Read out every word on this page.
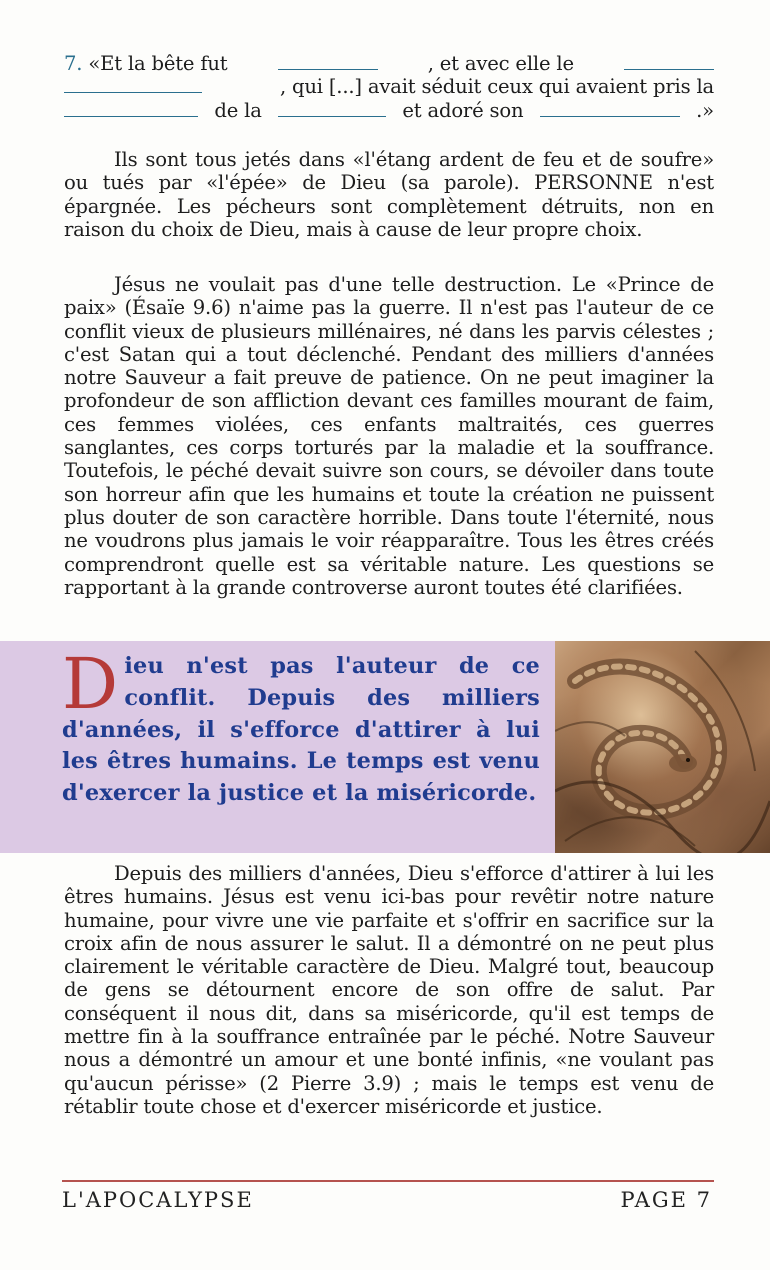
7. «Et la bête fut	, et avec elle le
, qui [...] avait séduit ceux qui avaient pris la
de la	et adoré son	.»

Ils sont tous jetés dans «l'étang ardent de feu et de soufre» ou tués par «l'épée» de Dieu (sa parole). PERSONNE n'est épargnée. Les pécheurs sont complètement détruits, non en raison du choix de Dieu, mais à cause de leur propre choix.

Jésus ne voulait pas d'une telle destruction. Le «Prince de paix» (Ésaïe 9.6) n'aime pas la guerre. Il n'est pas l'auteur de ce conflit vieux de plusieurs millénaires, né dans les parvis célestes ; c'est Satan qui a tout déclenché. Pendant des milliers d'années notre Sauveur a fait preuve de patience. On ne peut imaginer la profondeur de son affliction devant ces familles mourant de faim, ces femmes violées, ces enfants maltraités, ces guerres sanglantes, ces corps torturés par la maladie et la souffrance. Toutefois, le péché devait suivre son cours, se dévoiler dans toute son horreur afin que les humains et toute la création ne puissent plus douter de son caractère horrible. Dans toute l'éternité, nous ne voudrons plus jamais le voir réapparaître. Tous les êtres créés comprendront quelle est sa véritable nature. Les questions se rapportant à la grande controverse auront toutes été clarifiées.

Dieu n'est pas l'auteur de ce conflit. Depuis des milliers d'années, il s'efforce d'attirer à lui les êtres humains. Le temps est venu d'exercer la justice et la miséricorde.

Depuis des milliers d'années, Dieu s'efforce d'attirer à lui les êtres humains. Jésus est venu ici-bas pour revêtir notre nature humaine, pour vivre une vie parfaite et s'offrir en sacrifice sur la croix afin de nous assurer le salut. Il a démontré on ne peut plus clairement le véritable caractère de Dieu. Malgré tout, beaucoup de gens se détournent encore de son offre de salut. Par conséquent il nous dit, dans sa miséricorde, qu'il est temps de mettre fin à la souffrance entraînée par le péché. Notre Sauveur nous a démontré un amour et une bonté infinis, «ne voulant pas qu'aucun périsse» (2 Pierre 3.9) ; mais le temps est venu de rétablir toute chose et d'exercer miséricorde et justice.

L'APOCALYPSE	PAGE 7
